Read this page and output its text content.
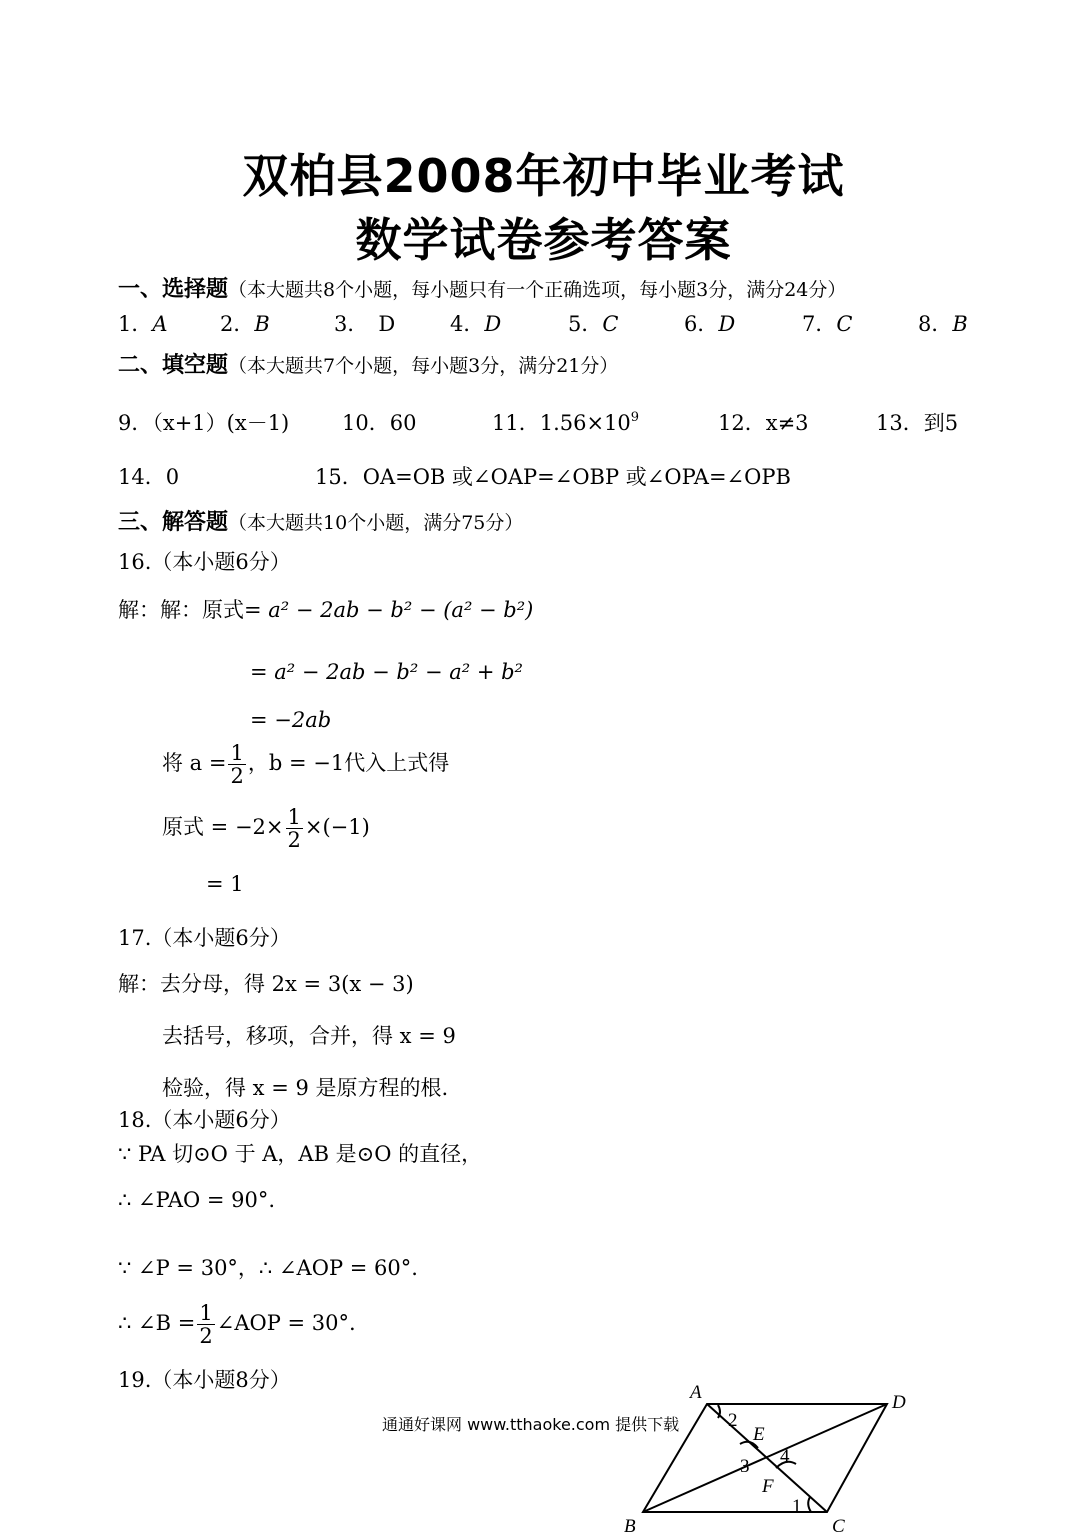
双柏县2008年初中毕业考试
数学试卷参考答案
一、选择题（本大题共8个小题，每小题只有一个正确选项，每小题3分，满分24分）
1．A 2．B	3． D	4．D	5．C	6．D	7．C	8．B
二、填空题（本大题共7个小题，每小题3分，满分21分）
9．（x+1）(x－1)	10．60	11．$1.56\times 10^9$	12．x≠3	13．到5
14．0	15．OA=OB 或∠OAP=∠OBP 或∠OPA=∠OPB
三、解答题（本大题共10个小题，满分75分）
16.（本小题6分）
解：解：原式= a² − 2ab − b² − (a² − b²)
= a² − 2ab − b² − a² + b²
= −2ab
将 $a = \frac{1}{2}$ ，b = −1代入上式得
原式 = $-2\times \frac{1}{2} \times(-1)$
= 1
17.（本小题6分）
解：去分母，得 2x = 3(x − 3)
去括号，移项，合并，得 x = 9
检验，得 x = 9 是原方程的根.
18.（本小题6分）
∵ PA 切⊙O 于 A，AB 是⊙O 的直径，
∴ ∠PAO = 90°.
∵ ∠P = 30°，∴ ∠AOP = 60°.
∴ ∠B = $\frac{1}{2}$ ∠AOP = 30°.
19.（本小题8分）
通通好课网 www.tthaoke.com 提供下载
A	D
B	C
E
F
2
3 4
1
